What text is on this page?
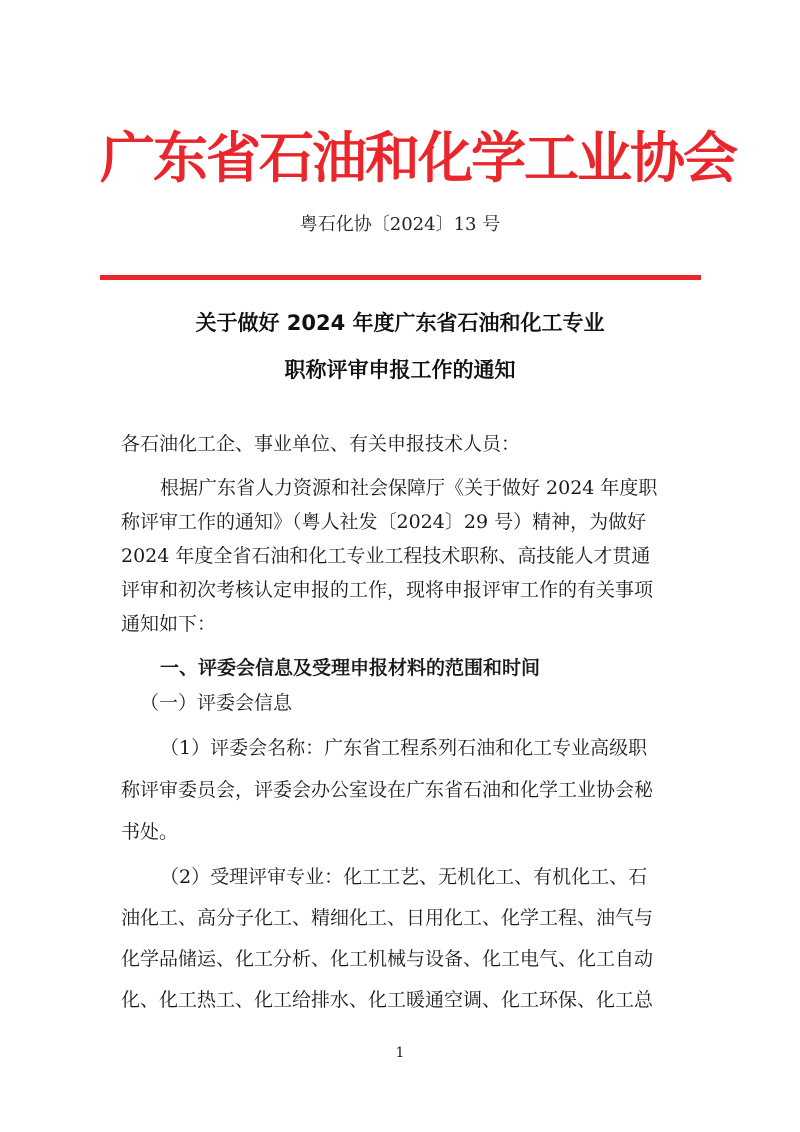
广东省石油和化学工业协会
粤石化协〔2024〕13 号
关于做好 2024 年度广东省石油和化工专业
职称评审申报工作的通知
各石油化工企、事业单位、有关申报技术人员：
根据广东省人力资源和社会保障厅《关于做好 2024 年度职
称评审工作的通知》（粤人社发〔2024〕29 号）精神，为做好
2024 年度全省石油和化工专业工程技术职称、高技能人才贯通
评审和初次考核认定申报的工作，现将申报评审工作的有关事项
通知如下：
一、评委会信息及受理申报材料的范围和时间
（一）评委会信息
（1）评委会名称：广东省工程系列石油和化工专业高级职
称评审委员会，评委会办公室设在广东省石油和化学工业协会秘
书处。
（2）受理评审专业：化工工艺、无机化工、有机化工、石
油化工、高分子化工、精细化工、日用化工、化学工程、油气与
化学品储运、化工分析、化工机械与设备、化工电气、化工自动
化、化工热工、化工给排水、化工暖通空调、化工环保、化工总
1
